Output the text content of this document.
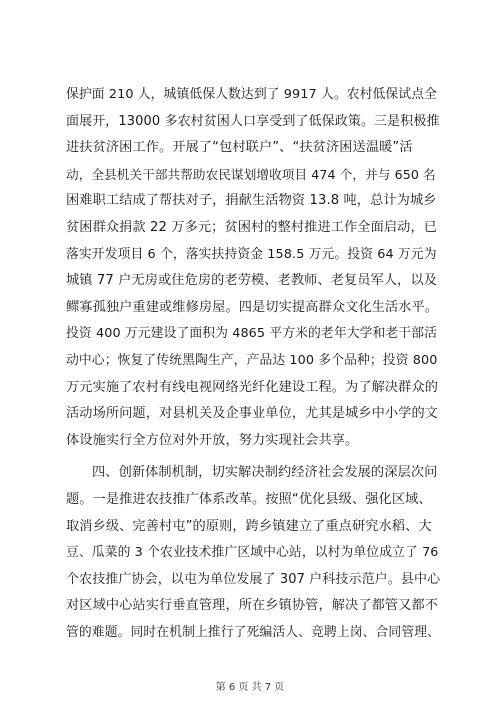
保护面 210 人，城镇低保人数达到了 9917 人。农村低保试点全
面展开，13000 多农村贫困人口享受到了低保政策。三是积极推
进扶贫济困工作。开展了“包村联户”、“扶贫济困送温暖”活
动，全县机关干部共帮助农民谋划增收项目 474 个，并与 650 名
困难职工结成了帮扶对子，捐献生活物资 13.8 吨，总计为城乡
贫困群众捐款 22 万多元；贫困村的整村推进工作全面启动，已
落实开发项目 6 个，落实扶持资金 158.5 万元。投资 64 万元为
城镇 77 户无房或住危房的老劳模、老教师、老复员军人，以及
鳏寡孤独户重建或维修房屋。四是切实提高群众文化生活水平。
投资 400 万元建设了面积为 4865 平方米的老年大学和老干部活
动中心；恢复了传统黑陶生产，产品达 100 多个品种；投资 800
万元实施了农村有线电视网络光纤化建设工程。为了解决群众的
活动场所问题，对县机关及企事业单位，尤其是城乡中小学的文
体设施实行全方位对外开放，努力实现社会共享。
四、创新体制机制，切实解决制约经济社会发展的深层次问
题。一是推进农技推广体系改革。按照“优化县级、强化区域、
取消乡级、完善村屯”的原则，跨乡镇建立了重点研究水稻、大
豆、瓜菜的 3 个农业技术推广区域中心站，以村为单位成立了 76
个农技推广协会，以屯为单位发展了 307 户科技示范户。县中心
对区域中心站实行垂直管理，所在乡镇协管，解决了都管又都不
管的难题。同时在机制上推行了死编活人、竞聘上岗、合同管理、
第 6 页 共 7 页
